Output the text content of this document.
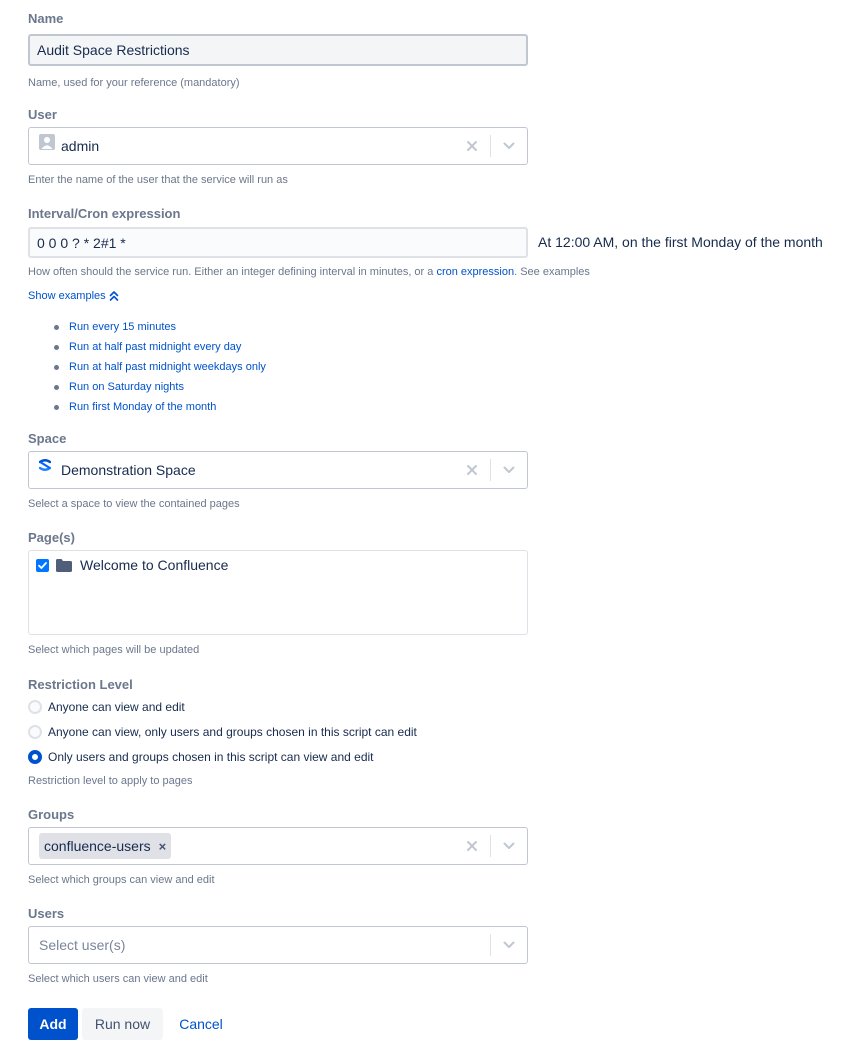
Name
Audit Space Restrictions
Name, used for your reference (mandatory)
User
admin
Enter the name of the user that the service will run as
Interval/Cron expression
0 0 0 ? * 2#1 *	At 12:00 AM, on the first Monday of the month
How often should the service run. Either an integer defining interval in minutes, or a cron expression. See examples
Show examples
Run every 15 minutes
Run at half past midnight every day
Run at half past midnight weekdays only
Run on Saturday nights
Run first Monday of the month
Space
Demonstration Space
Select a space to view the contained pages
Page(s)
Welcome to Confluence
Select which pages will be updated
Restriction Level
Anyone can view and edit
Anyone can view, only users and groups chosen in this script can edit
Only users and groups chosen in this script can view and edit
Restriction level to apply to pages
Groups
confluence-users ×
Select which groups can view and edit
Users
Select user(s)
Select which users can view and edit
Add	Run now	Cancel
